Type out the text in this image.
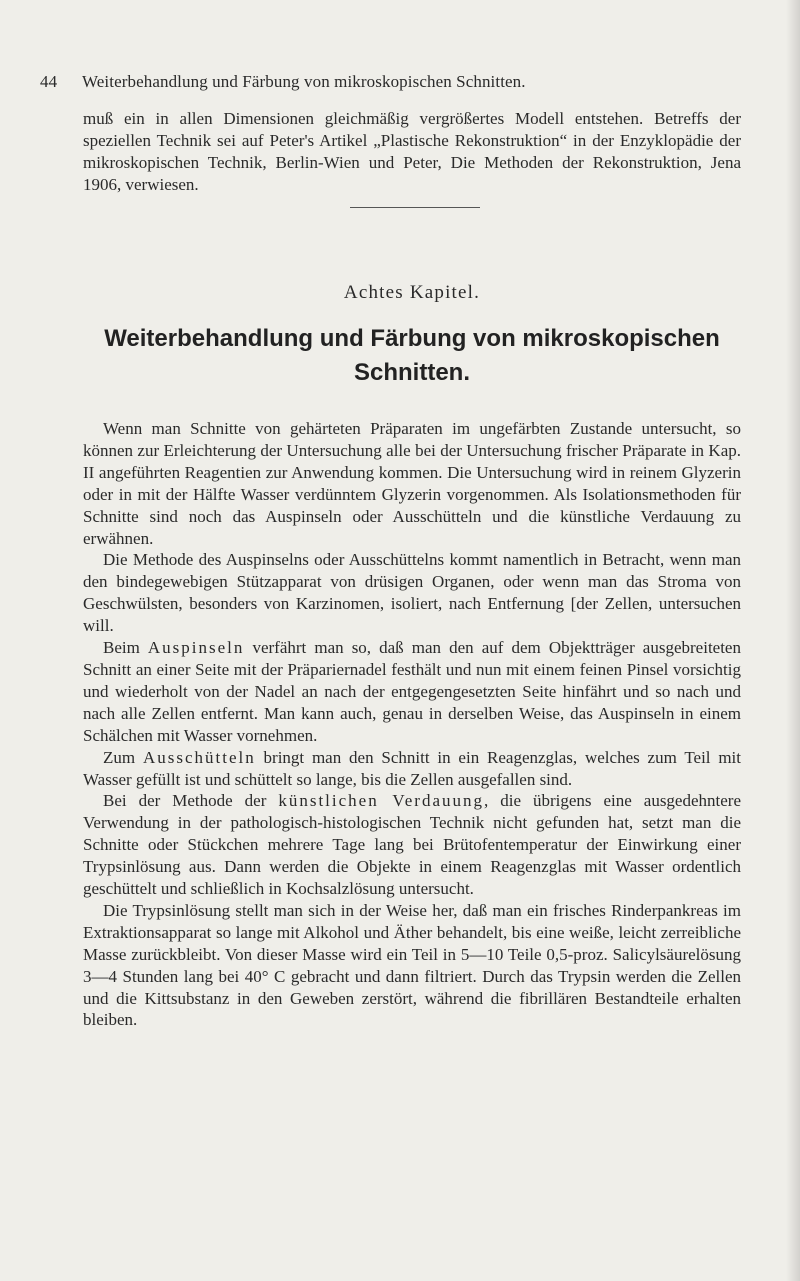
44 Weiterbehandlung und Färbung von mikroskopischen Schnitten.

muß ein in allen Dimensionen gleichmäßig vergrößertes Modell entstehen. Betreffs der speziellen Technik sei auf Peter's Artikel „Plastische Rekonstruktion“ in der Enzyklopädie der mikroskopischen Technik, Berlin-Wien und Peter, Die Methoden der Rekonstruktion, Jena 1906, verwiesen.

Achtes Kapitel.
Weiterbehandlung und Färbung von mikroskopischen Schnitten.

Wenn man Schnitte von gehärteten Präparaten im ungefärbten Zustande untersucht, so können zur Erleichterung der Untersuchung alle bei der Untersuchung frischer Präparate in Kap. II angeführten Reagentien zur Anwendung kommen. Die Untersuchung wird in reinem Glyzerin oder in mit der Hälfte Wasser verdünntem Glyzerin vorgenommen. Als Isolationsmethoden für Schnitte sind noch das Auspinseln oder Ausschütteln und die künstliche Verdauung zu erwähnen.

Die Methode des Auspinselns oder Ausschüttelns kommt namentlich in Betracht, wenn man den bindegewebigen Stützapparat von drüsigen Organen, oder wenn man das Stroma von Geschwülsten, besonders von Karzinomen, isoliert, nach Entfernung [der Zellen, untersuchen will.

Beim Auspinseln verfährt man so, daß man den auf dem Objektträger ausgebreiteten Schnitt an einer Seite mit der Präpariernadel festhält und nun mit einem feinen Pinsel vorsichtig und wiederholt von der Nadel an nach der entgegengesetzten Seite hinfährt und so nach und nach alle Zellen entfernt. Man kann auch, genau in derselben Weise, das Auspinseln in einem Schälchen mit Wasser vornehmen.

Zum Ausschütteln bringt man den Schnitt in ein Reagenzglas, welches zum Teil mit Wasser gefüllt ist und schüttelt so lange, bis die Zellen ausgefallen sind.

Bei der Methode der künstlichen Verdauung, die übrigens eine ausgedehntere Verwendung in der pathologisch-histologischen Technik nicht gefunden hat, setzt man die Schnitte oder Stückchen mehrere Tage lang bei Brütofentemperatur der Einwirkung einer Trypsinlösung aus. Dann werden die Objekte in einem Reagenzglas mit Wasser ordentlich geschüttelt und schließlich in Kochsalzlösung untersucht.

Die Trypsinlösung stellt man sich in der Weise her, daß man ein frisches Rinderpankreas im Extraktionsapparat so lange mit Alkohol und Äther behandelt, bis eine weiße, leicht zerreibliche Masse zurückbleibt. Von dieser Masse wird ein Teil in 5—10 Teile 0,5-proz. Salicylsäurelösung 3—4 Stunden lang bei 40° C gebracht und dann filtriert. Durch das Trypsin werden die Zellen und die Kittsubstanz in den Geweben zerstört, während die fibrillären Bestandteile erhalten bleiben.
